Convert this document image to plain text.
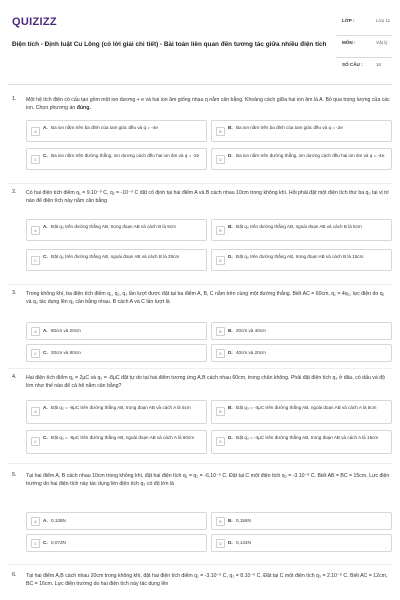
QUIZIZZ
Điện tích - Định luật Cu Lông (có lời giải chi tiết) - Bài toán liên quan đến tương tác giữa nhiều điện tích
LỚP :	Lớp 11
MÔN :	Vật lý
SỐ CÂU :	16
1. Một hệ tích điện có cấu tạo gồm một ion dương + e và hai ion âm giống nhau q nằm cân bằng. Khoảng cách giữa hai ion âm là A. Bỏ qua trọng lượng của các ion. Chọn phương án đúng.
A
A. Ba ion nằm trên ba đỉnh của tam giác đều và q = -4e
B
B. Ba ion nằm trên ba đỉnh của tam giác đều và q = -2e
C
C. Ba ion nằm trên đường thẳng, ion dương cách đều hai ion âm và q = -2e
D
D. Ba ion nằm trên đường thẳng, ion dương cách đều hai ion âm và q = -4e.
2. Có hai điện tích điểm q₁ = 9.10⁻⁹ C, q₂ = -10⁻⁹ C đặt cố định tại hai điểm A và B cách nhau 10cm trong không khí. Hỏi phải đặt một điện tích thứ ba q₀ tại vị trí nào để điện tích này nằm cân bằng
A
A. Đặt q₀ trên đường thẳng AB, trong đoạn AB và cách B là 5cm
B
B. Đặt q₀ trên đường thẳng AB, ngoài đoạn AB và cách B là 5cm
C
C. Đặt q₀ trên đường thẳng AB, ngoài đoạn AB và cách B là 25cm
D
D. Đặt q₀ trên đường thẳng AB, trong đoạn AB và cách B là 15cm
3. Trong không khí, ba điện tích điểm q₁, q₂, q₃ lần lượt được đặt tại ba điểm A, B, C nằm trên cùng một đường thẳng. Biết AC = 60cm, q₁ = 4q₃, lực điện do q₁ và q₃ tác dụng lên q₂ cân bằng nhau. B cách A và C lần lượt là
A	A. 80cm và 20cm	B	B. 20cm và 40cm
C	C. 20cm và 80cm	D	D. 40cm và 20cm
4. Hai điện tích điểm q₁ = 2μC và q₂ = -8μC đặt tự do tại hai điểm tương ứng A,B cách nhau 60cm, trong chân không. Phải đặt điện tích q₃ ở đâu, có dấu và độ lớn như thế nào để cả hệ nằm cân bằng?
A
A. Đặt q₃ = -8μC trên đường thẳng AB, trong đoạn AB và cách A là 5cm
B
B. Đặt q₃ = -4μC trên đường thẳng AB, ngoài đoạn AB và cách A là 5cm
C
C. Đặt q₃ = -8μC trên đường thẳng AB, ngoài đoạn AB và cách A là 60cm
D
D. Đặt q₃ = -4μC trên đường thẳng AB, trong đoạn AB và cách A là 15cm
5. Tại hai điểm A, B cách nhau 10cm trong không khí, đặt hai điện tích q₁ = q₂ = -6.10⁻⁶ C. Đặt tại C một điện tích q₃ = -3.10⁻⁸ C. Biết AB = BC = 15cm. Lực điện trường do hai điện tích này tác dụng lên điện tích q₃ có độ lớn là
A	A. 0,136N	B	B. 0,156N
C	C. 0,072N	D	D. 0,144N
6. Tại hai điểm A,B cách nhau 20cm trong không khí, đặt hai điện tích điểm q₁ = -3.10⁻⁶ C, q₂ = 8.10⁻⁶ C. Đặt tại C một điện tích q₃ = 2.10⁻⁶ C. Biết AC = 12cm, BC = 16cm. Lực điện trường do hai điện tích này tác dụng lên
